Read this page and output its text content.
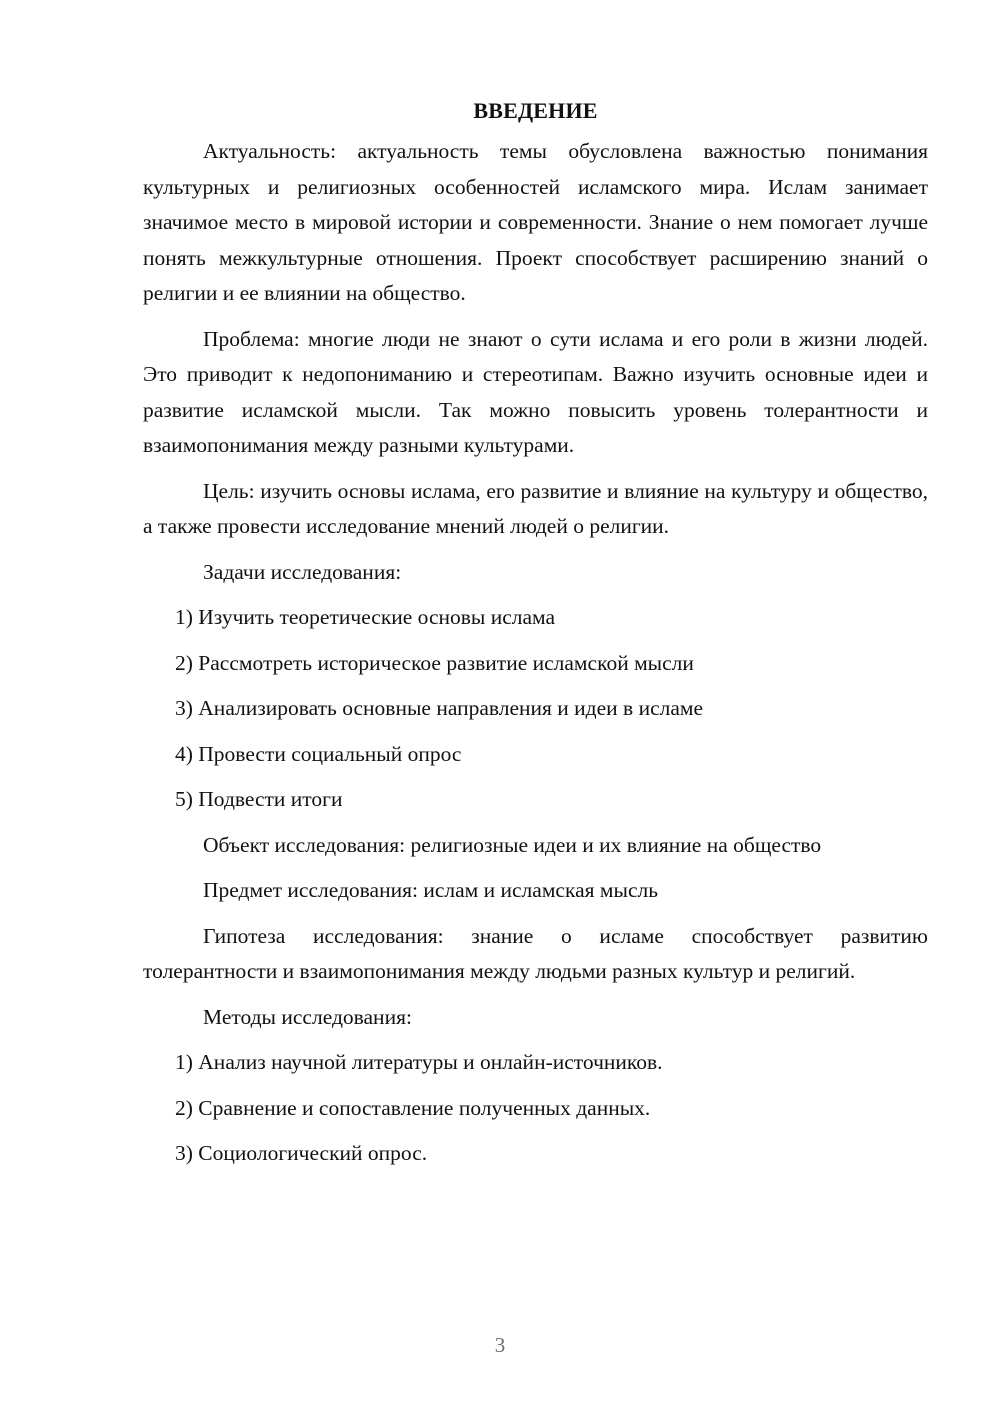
ВВЕДЕНИЕ

Актуальность: актуальность темы обусловлена важностью понимания культурных и религиозных особенностей исламского мира. Ислам занимает значимое место в мировой истории и современности. Знание о нем помогает лучше понять межкультурные отношения. Проект способствует расширению знаний о религии и ее влиянии на общество.

Проблема: многие люди не знают о сути ислама и его роли в жизни людей. Это приводит к недопониманию и стереотипам. Важно изучить основные идеи и развитие исламской мысли. Так можно повысить уровень толерантности и взаимопонимания между разными культурами.

Цель: изучить основы ислама, его развитие и влияние на культуру и общество, а также провести исследование мнений людей о религии.

Задачи исследования:
1) Изучить теоретические основы ислама
2) Рассмотреть историческое развитие исламской мысли
3) Анализировать основные направления и идеи в исламе
4) Провести социальный опрос
5) Подвести итоги
Объект исследования: религиозные идеи и их влияние на общество
Предмет исследования: ислам и исламская мысль

Гипотеза исследования: знание о исламе способствует развитию толерантности и взаимопонимания между людьми разных культур и религий.

Методы исследования:
1) Анализ научной литературы и онлайн-источников.
2) Сравнение и сопоставление полученных данных.
3) Социологический опрос.
3
